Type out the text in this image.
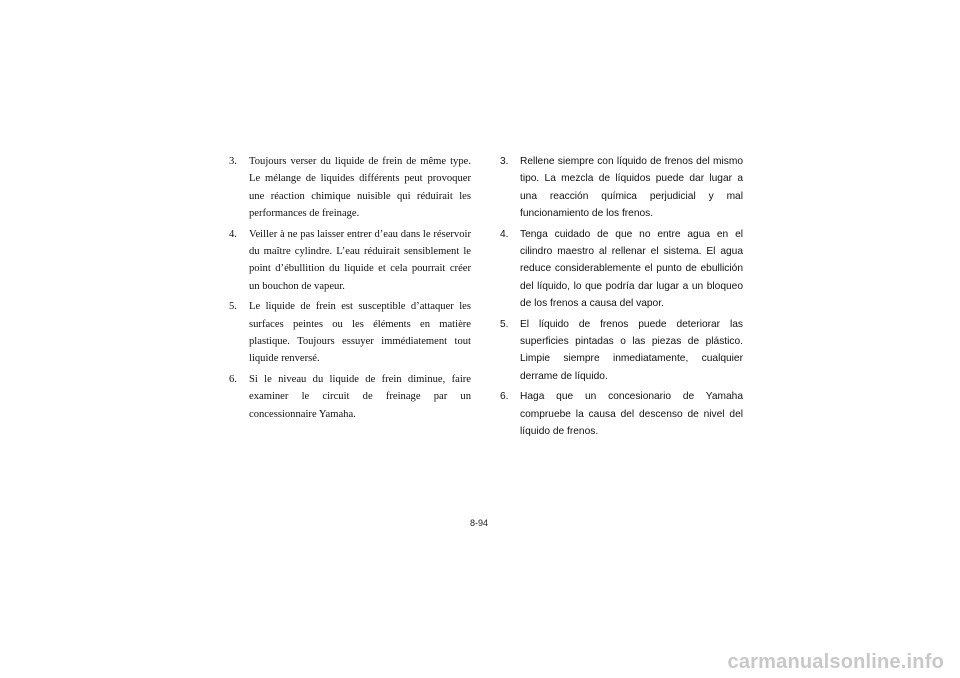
3.	Toujours verser du liquide de frein de même type. Le mélange de liquides différents peut provoquer une réaction chimique nuisible qui réduirait les performances de freinage.
4.	Veiller à ne pas laisser entrer d’eau dans le réservoir du maître cylindre. L’eau réduirait sensiblement le point d’ébullition du liquide et cela pourrait créer un bouchon de vapeur.
5.	Le liquide de frein est susceptible d’attaquer les surfaces peintes ou les éléments en matière plastique. Toujours essuyer immédiatement tout liquide renversé.
6.	Si le niveau du liquide de frein diminue, faire examiner le circuit de freinage par un concessionnaire Yamaha.
3.	Rellene siempre con líquido de frenos del mismo tipo. La mezcla de líquidos puede dar lugar a una reacción química perjudicial y mal funcionamiento de los frenos.
4.	Tenga cuidado de que no entre agua en el cilindro maestro al rellenar el sistema. El agua reduce considerablemente el punto de ebullición del líquido, lo que podría dar lugar a un bloqueo de los frenos a causa del vapor.
5.	El líquido de frenos puede deteriorar las superficies pintadas o las piezas de plástico. Limpie siempre inmediatamente, cualquier derrame de líquido.
6.	Haga que un concesionario de Yamaha compruebe la causa del descenso de nivel del líquido de frenos.
8-94
carmanualsonline.info
